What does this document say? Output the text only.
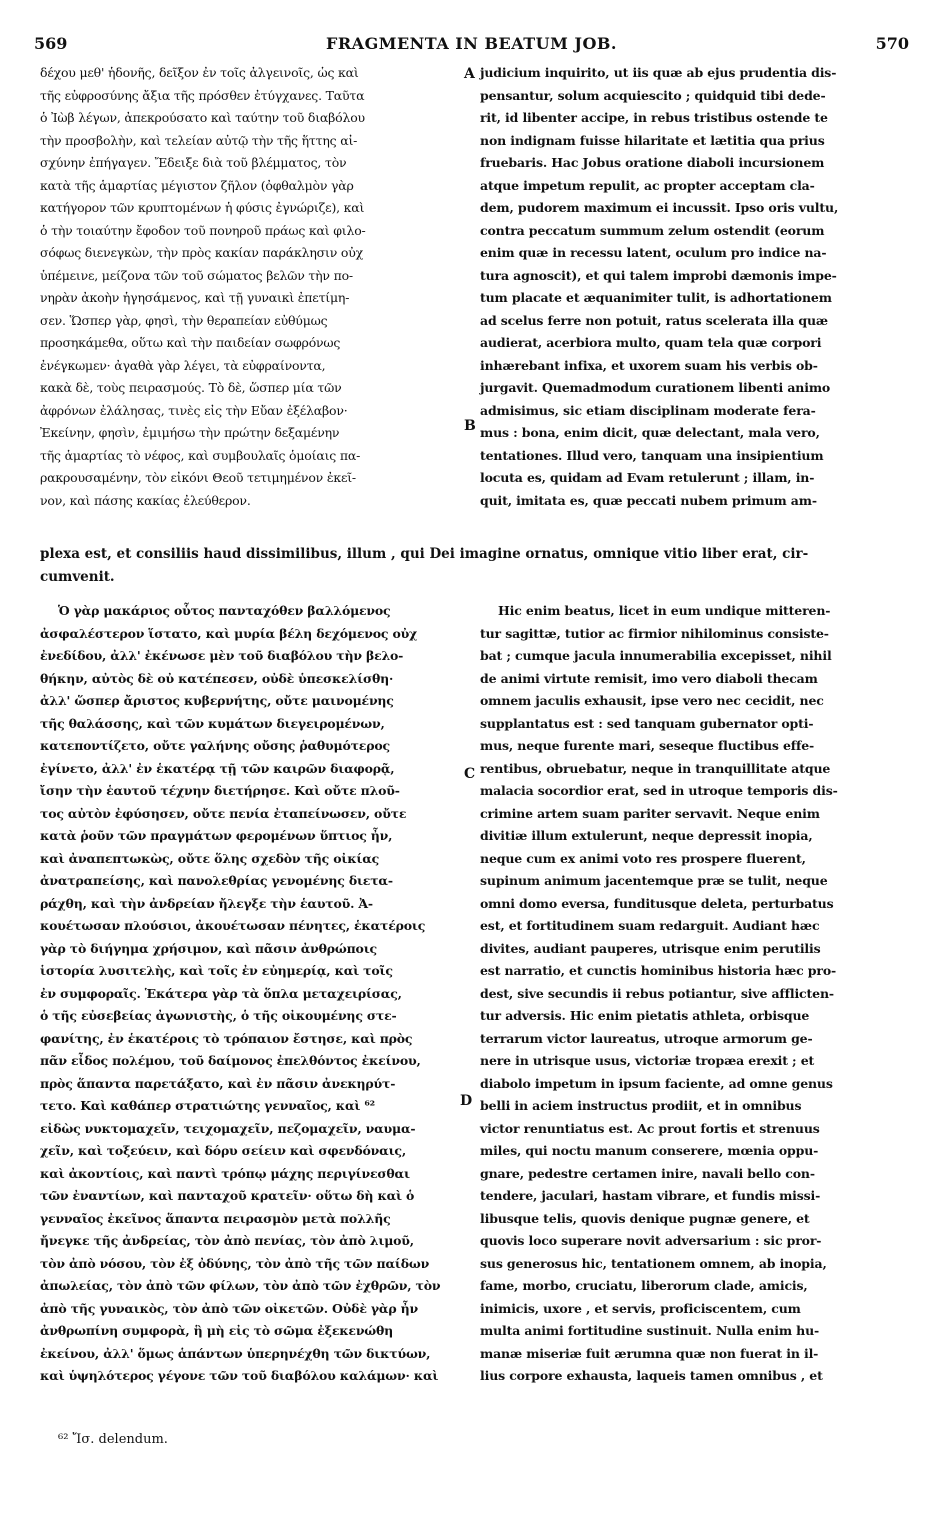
569	FRAGMENTA IN BEATUM JOB.	570
δέχου μεθ' ἡδονῆς, δεῖξον ἐν τοῖς ἀλγεινοῖς, ὡς καὶ
τῆς εὐφροσύνης ἄξια τῆς πρόσθεν ἐτύγχανες. Ταῦτα
ὁ Ἰὼβ λέγων, ἀπεκρούσατο καὶ ταύτην τοῦ διαβόλου
τὴν προσβολὴν, καὶ τελείαν αὐτῷ τὴν τῆς ἥττης αἰ-
σχύνην ἐπήγαγεν. Ἔδειξε διὰ τοῦ βλέμματος, τὸν
κατὰ τῆς ἁμαρτίας μέγιστον ζῆλον (ὀφθαλμὸν γὰρ
κατήγορον τῶν κρυπτομένων ἡ φύσις ἐγνώριζε), καὶ
ὁ τὴν τοιαύτην ἔφοδον τοῦ πονηροῦ πράως καὶ φιλο-
σόφως διενεγκὼν, τὴν πρὸς κακίαν παράκλησιν οὐχ
ὑπέμεινε, μείζονα τῶν τοῦ σώματος βελῶν τὴν πο-
νηρὰν ἀκοὴν ἡγησάμενος, καὶ τῇ γυναικὶ ἐπετίμη-
σεν. Ὥσπερ γὰρ, φησὶ, τὴν θεραπείαν εὐθύμως
προσηκάμεθα, οὕτω καὶ τὴν παιδείαν σωφρόνως
ἐνέγκωμεν· ἀγαθὰ γὰρ λέγει, τὰ εὐφραίνοντα,
κακὰ δὲ, τοὺς πειρασμούς. Τὸ δὲ, ὥσπερ μία τῶν
ἀφρόνων ἐλάλησας, τινὲς εἰς τὴν Εὔαν ἐξέλαβον·
Ἐκείνην, φησὶν, ἐμιμήσω τὴν πρώτην δεξαμένην
τῆς ἁμαρτίας τὸ νέφος, καὶ συμβουλαῖς ὁμοίαις πα-
ρακρουσαμένην, τὸν εἰκόνι Θεοῦ τετιμημένον ἐκεῖ-
νον, καὶ πάσης κακίας ἐλεύθερον.
judicium inquirito, ut iis quæ ab ejus prudentia dis-
pensantur, solum acquiescito ; quidquid tibi dede-
rit, id libenter accipe, in rebus tristibus ostende te
non indignam fuisse hilaritate et lætitia qua prius
fruebaris. Hac Jobus oratione diaboli incursionem
atque impetum repulit, ac propter acceptam cla-
dem, pudorem maximum ei incussit. Ipso oris vultu,
contra peccatum summum zelum ostendit (eorum
enim quæ in recessu latent, oculum pro indice na-
tura agnoscit), et qui talem improbi dæmonis impe-
tum placate et æquanimiter tulit, is adhortationem
ad scelus ferre non potuit, ratus scelerata illa quæ
audierat, acerbiora multo, quam tela quæ corpori
inhærebant infixa, et uxorem suam his verbis ob-
jurgavit. Quemadmodum curationem libenti animo
admisimus, sic etiam disciplinam moderate fera-
mus : bona, enim dicit, quæ delectant, mala vero,
tentationes. Illud vero, tanquam una insipientium
locuta es, quidam ad Evam retulerunt ; illam, in-
quit, imitata es, quæ peccati nubem primum am-
A
B
C
D
plexa est, et consiliis haud dissimilibus, illum , qui Dei imagine ornatus, omnique vitio liber erat, cir-
cumvenit.
Ὁ γὰρ μακάριος οὗτος πανταχόθεν βαλλόμενος
ἀσφαλέστερον ἵστατο, καὶ μυρία βέλη δεχόμενος οὐχ
ἐνεδίδου, ἀλλ' ἐκένωσε μὲν τοῦ διαβόλου τὴν βελο-
θήκην, αὐτὸς δὲ οὐ κατέπεσεν, οὐδὲ ὑπεσκελίσθη·
ἀλλ' ὥσπερ ἄριστος κυβερνήτης, οὔτε μαινομένης
τῆς θαλάσσης, καὶ τῶν κυμάτων διεγειρομένων,
κατεποντίζετο, οὔτε γαλήνης οὔσης ῥαθυμότερος
ἐγίνετο, ἀλλ' ἐν ἑκατέρᾳ τῇ τῶν καιρῶν διαφορᾷ,
ἴσην τὴν ἑαυτοῦ τέχνην διετήρησε. Καὶ οὔτε πλοῦ-
τος αὐτὸν ἐφύσησεν, οὔτε πενία ἐταπείνωσεν, οὔτε
κατὰ ῥοῦν τῶν πραγμάτων φερομένων ὕπτιος ἦν,
καὶ ἀναπεπτωκὼς, οὔτε ὅλης σχεδὸν τῆς οἰκίας
ἀνατραπείσης, καὶ πανολεθρίας γενομένης διετα-
ράχθη, καὶ τὴν ἀνδρείαν ἤλεγξε τὴν ἑαυτοῦ. Ἀ-
κουέτωσαν πλούσιοι, ἀκουέτωσαν πένητες, ἑκατέροις
γὰρ τὸ διήγημα χρήσιμον, καὶ πᾶσιν ἀνθρώποις
ἱστορία λυσιτελὴς, καὶ τοῖς ἐν εὐημερίᾳ, καὶ τοῖς
ἐν συμφοραῖς. Ἑκάτερα γὰρ τὰ ὅπλα μεταχειρίσας,
ὁ τῆς εὐσεβείας ἀγωνιστὴς, ὁ τῆς οἰκουμένης στε-
φανίτης, ἐν ἑκατέροις τὸ τρόπαιον ἔστησε, καὶ πρὸς
πᾶν εἶδος πολέμου, τοῦ δαίμονος ἐπελθόντος ἐκείνου,
πρὸς ἅπαντα παρετάξατο, καὶ ἐν πᾶσιν ἀνεκηρύτ-
τετο. Καὶ καθάπερ στρατιώτης γενναῖος, καὶ ⁶²
εἰδὼς νυκτομαχεῖν, τειχομαχεῖν, πεζομαχεῖν, ναυμα-
χεῖν, καὶ τοξεύειν, καὶ δόρυ σείειν καὶ σφενδόναις,
καὶ ἀκοντίοις, καὶ παντὶ τρόπῳ μάχης περιγίνεσθαι
τῶν ἐναντίων, καὶ πανταχοῦ κρατεῖν· οὕτω δὴ καὶ ὁ
γενναῖος ἐκεῖνος ἅπαντα πειρασμὸν μετὰ πολλῆς
ἤνεγκε τῆς ἀνδρείας, τὸν ἀπὸ πενίας, τὸν ἀπὸ λιμοῦ,
τὸν ἀπὸ νόσου, τὸν ἐξ ὀδύνης, τὸν ἀπὸ τῆς τῶν παίδων
ἀπωλείας, τὸν ἀπὸ τῶν φίλων, τὸν ἀπὸ τῶν ἐχθρῶν, τὸν
ἀπὸ τῆς γυναικὸς, τὸν ἀπὸ τῶν οἰκετῶν. Οὐδὲ γὰρ ἦν
ἀνθρωπίνη συμφορὰ, ἣ μὴ εἰς τὸ σῶμα ἐξεκενώθη
ἐκείνου, ἀλλ' ὅμως ἁπάντων ὑπερηνέχθη τῶν δικτύων,
καὶ ὑψηλότερος γέγονε τῶν τοῦ διαβόλου καλάμων· καὶ
Hic enim beatus, licet in eum undique mitteren-
tur sagittæ, tutior ac firmior nihilominus consiste-
bat ; cumque jacula innumerabilia excepisset, nihil
de animi virtute remisit, imo vero diaboli thecam
omnem jaculis exhausit, ipse vero nec cecidit, nec
supplantatus est : sed tanquam gubernator opti-
mus, neque furente mari, seseque fluctibus effe-
rentibus, obruebatur, neque in tranquillitate atque
malacia socordior erat, sed in utroque temporis dis-
crimine artem suam pariter servavit. Neque enim
divitiæ illum extulerunt, neque depressit inopia,
neque cum ex animi voto res prospere fluerent,
supinum animum jacentemque præ se tulit, neque
omni domo eversa, funditusque deleta, perturbatus
est, et fortitudinem suam redarguit. Audiant hæc
divites, audiant pauperes, utrisque enim perutilis
est narratio, et cunctis hominibus historia hæc pro-
dest, sive secundis ii rebus potiantur, sive afflicten-
tur adversis. Hic enim pietatis athleta, orbisque
terrarum victor laureatus, utroque armorum ge-
nere in utrisque usus, victoriæ tropæa erexit ; et
diabolo impetum in ipsum faciente, ad omne genus
belli in aciem instructus prodiit, et in omnibus
victor renuntiatus est. Ac prout fortis et strenuus
miles, qui noctu manum conserere, mœnia oppu-
gnare, pedestre certamen inire, navali bello con-
tendere, jaculari, hastam vibrare, et fundis missi-
libusque telis, quovis denique pugnæ genere, et
quovis loco superare novit adversarium : sic pror-
sus generosus hic, tentationem omnem, ab inopia,
fame, morbo, cruciatu, liberorum clade, amicis,
inimicis, uxore , et servis, proficiscentem, cum
multa animi fortitudine sustinuit. Nulla enim hu-
manæ miseriæ fuit ærumna quæ non fuerat in il-
lius corpore exhausta, laqueis tamen omnibus , et
⁶² Ἴσ. delendum.
